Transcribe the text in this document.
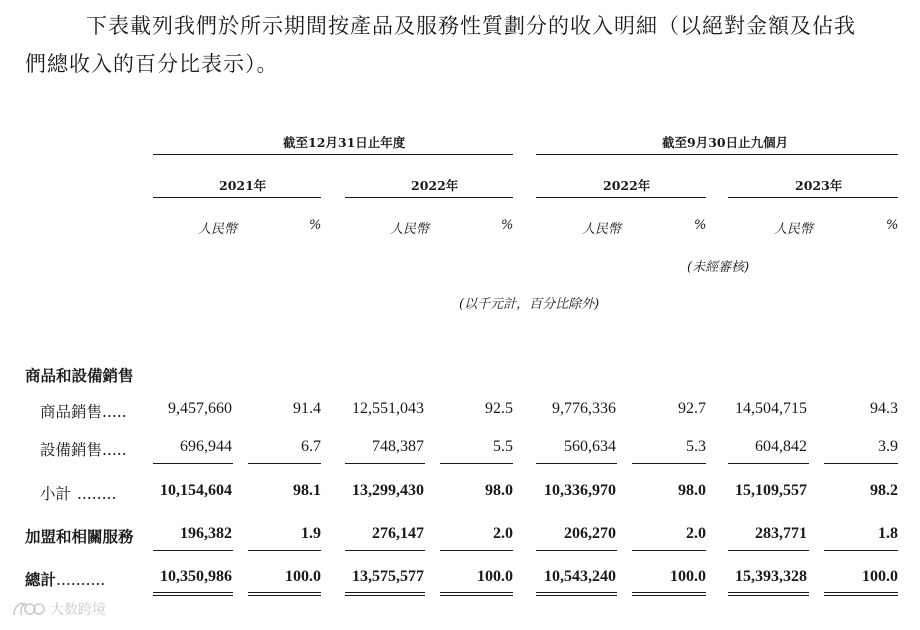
下表載列我們於所示期間按產品及服務性質劃分的收入明細（以絕對金額及佔我
們總收入的百分比表示）。
截至12月31日止年度	截至9月30日止九個月
2021年	2022年	2022年	2023年
人民幣	%	人民幣	%	人民幣	%	人民幣	%
(未經審核)
(以千元計，百分比除外)
商品和設備銷售
商品銷售.....	9,457,660	91.4	12,551,043	92.5	9,776,336	92.7	14,504,715	94.3
設備銷售.....	696,944	6.7	748,387	5.5	560,634	5.3	604,842	3.9
小計 ........	10,154,604	98.1	13,299,430	98.0	10,336,970	98.0	15,109,557	98.2
加盟和相關服務	196,382	1.9	276,147	2.0	206,270	2.0	283,771	1.8
總計..........	10,350,986	100.0	13,575,577	100.0	10,543,240	100.0	15,393,328	100.0
大数跨境
